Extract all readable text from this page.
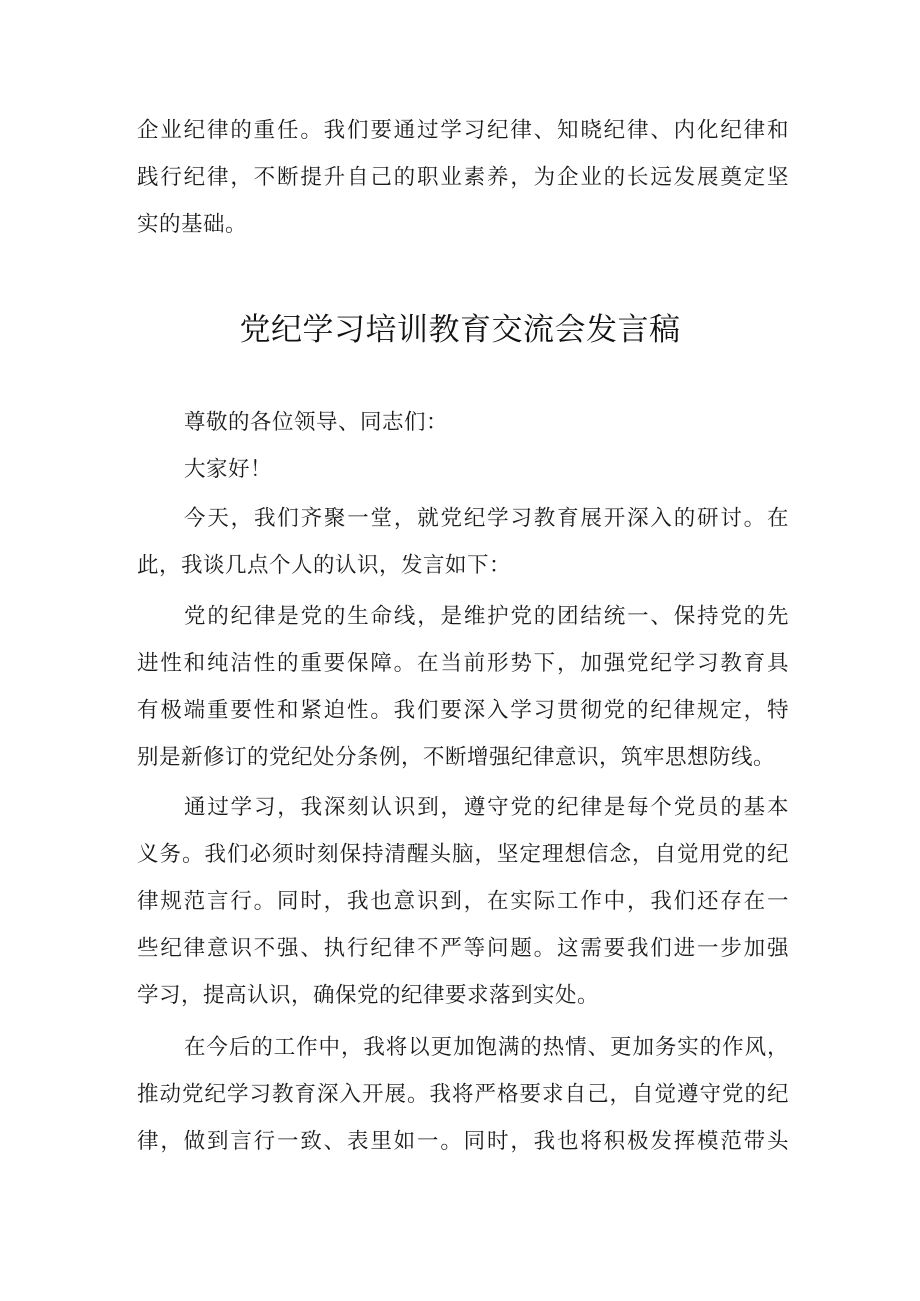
企业纪律的重任。我们要通过学习纪律、知晓纪律、内化纪律和
践行纪律，不断提升自己的职业素养，为企业的长远发展奠定坚
实的基础。
党纪学习培训教育交流会发言稿
尊敬的各位领导、同志们：
大家好！
今天，我们齐聚一堂，就党纪学习教育展开深入的研讨。在
此，我谈几点个人的认识，发言如下：
党的纪律是党的生命线，是维护党的团结统一、保持党的先
进性和纯洁性的重要保障。在当前形势下，加强党纪学习教育具
有极端重要性和紧迫性。我们要深入学习贯彻党的纪律规定，特
别是新修订的党纪处分条例，不断增强纪律意识，筑牢思想防线。
通过学习，我深刻认识到，遵守党的纪律是每个党员的基本
义务。我们必须时刻保持清醒头脑，坚定理想信念，自觉用党的纪
律规范言行。同时，我也意识到，在实际工作中，我们还存在一
些纪律意识不强、执行纪律不严等问题。这需要我们进一步加强
学习，提高认识，确保党的纪律要求落到实处。
在今后的工作中，我将以更加饱满的热情、更加务实的作风，
推动党纪学习教育深入开展。我将严格要求自己，自觉遵守党的纪
律，做到言行一致、表里如一。同时，我也将积极发挥模范带头
